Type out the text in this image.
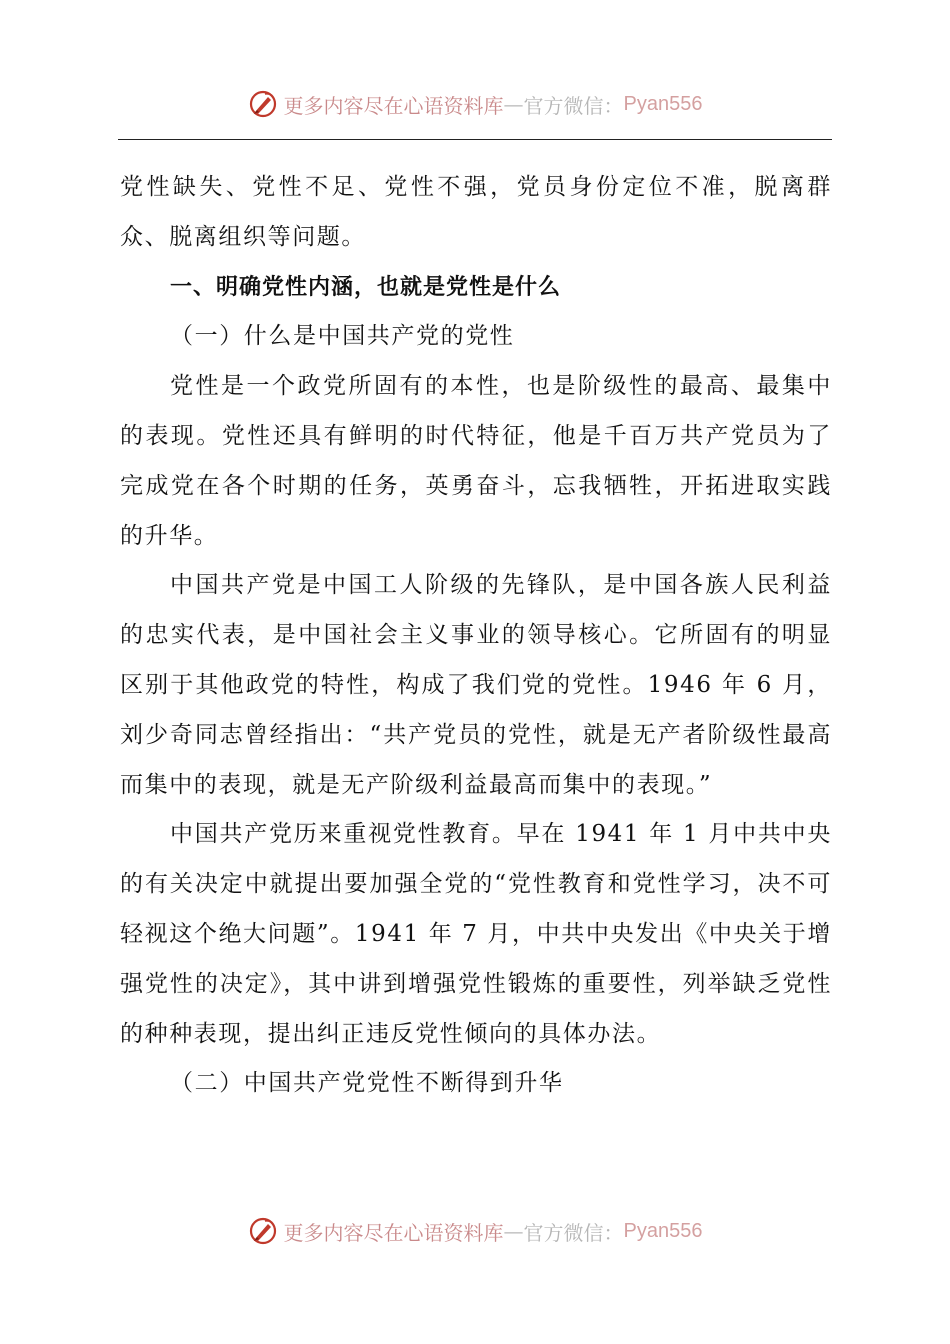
更多内容尽在心语资料库 — 官方微信： Pyan556

党性缺失、党性不足、党性不强，党员身份定位不准，脱离群众、脱离组织等问题。

一、明确党性内涵，也就是党性是什么

（一）什么是中国共产党的党性

党性是一个政党所固有的本性，也是阶级性的最高、最集中的表现。党性还具有鲜明的时代特征，他是千百万共产党员为了完成党在各个时期的任务，英勇奋斗，忘我牺牲，开拓进取实践的升华。

中国共产党是中国工人阶级的先锋队，是中国各族人民利益的忠实代表，是中国社会主义事业的领导核心。它所固有的明显区别于其他政党的特性，构成了我们党的党性。1946 年 6 月，刘少奇同志曾经指出：“共产党员的党性，就是无产者阶级性最高而集中的表现，就是无产阶级利益最高而集中的表现。”

中国共产党历来重视党性教育。早在 1941 年 1 月中共中央的有关决定中就提出要加强全党的“党性教育和党性学习，决不可轻视这个绝大问题”。1941 年 7 月，中共中央发出《中央关于增强党性的决定》，其中讲到增强党性锻炼的重要性，列举缺乏党性的种种表现，提出纠正违反党性倾向的具体办法。

（二）中国共产党党性不断得到升华

更多内容尽在心语资料库 — 官方微信： Pyan556
